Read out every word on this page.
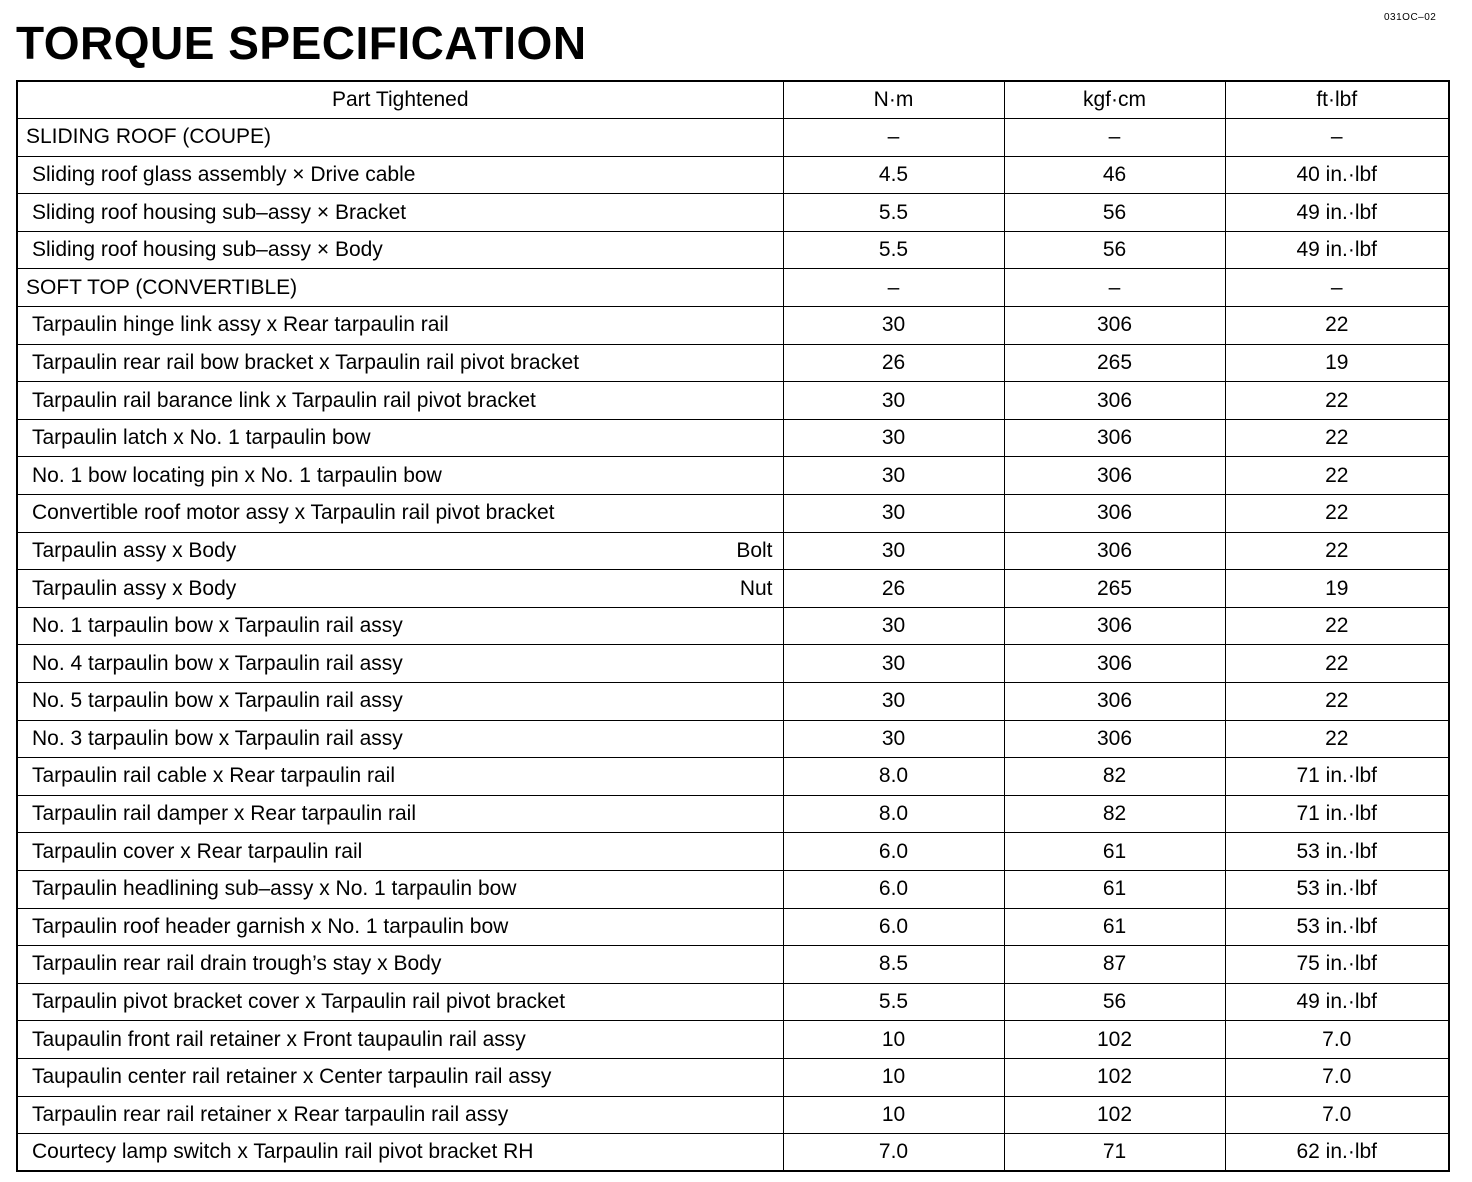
031OC–02
TORQUE SPECIFICATION
Part Tightened	N·m	kgf·cm	ft·lbf

SLIDING ROOF (COUPE)	–	–	–

Sliding roof glass assembly × Drive cable	4.5	46	40 in.·lbf

Sliding roof housing sub–assy × Bracket	5.5	56	49 in.·lbf

Sliding roof housing sub–assy × Body	5.5	56	49 in.·lbf

SOFT TOP (CONVERTIBLE)	–	–	–

Tarpaulin hinge link assy x Rear tarpaulin rail	30	306	22

Tarpaulin rear rail bow bracket x Tarpaulin rail pivot bracket	26	265	19

Tarpaulin rail barance link x Tarpaulin rail pivot bracket	30	306	22

Tarpaulin latch x No. 1 tarpaulin bow	30	306	22

No. 1 bow locating pin x No. 1 tarpaulin bow	30	306	22

Convertible roof motor assy x Tarpaulin rail pivot bracket	30	306	22

Tarpaulin assy x Body Bolt	30	306	22

Tarpaulin assy x Body Nut	26	265	19

No. 1 tarpaulin bow x Tarpaulin rail assy	30	306	22

No. 4 tarpaulin bow x Tarpaulin rail assy	30	306	22

No. 5 tarpaulin bow x Tarpaulin rail assy	30	306	22

No. 3 tarpaulin bow x Tarpaulin rail assy	30	306	22

Tarpaulin rail cable x Rear tarpaulin rail	8.0	82	71 in.·lbf

Tarpaulin rail damper x Rear tarpaulin rail	8.0	82	71 in.·lbf

Tarpaulin cover x Rear tarpaulin rail	6.0	61	53 in.·lbf

Tarpaulin headlining sub–assy x No. 1 tarpaulin bow	6.0	61	53 in.·lbf

Tarpaulin roof header garnish x No. 1 tarpaulin bow	6.0	61	53 in.·lbf

Tarpaulin rear rail drain trough’s stay x Body	8.5	87	75 in.·lbf

Tarpaulin pivot bracket cover x Tarpaulin rail pivot bracket	5.5	56	49 in.·lbf

Taupaulin front rail retainer x Front taupaulin rail assy	10	102	7.0

Taupaulin center rail retainer x Center tarpaulin rail assy	10	102	7.0

Tarpaulin rear rail retainer x Rear tarpaulin rail assy	10	102	7.0

Courtecy lamp switch x Tarpaulin rail pivot bracket RH	7.0	71	62 in.·lbf
